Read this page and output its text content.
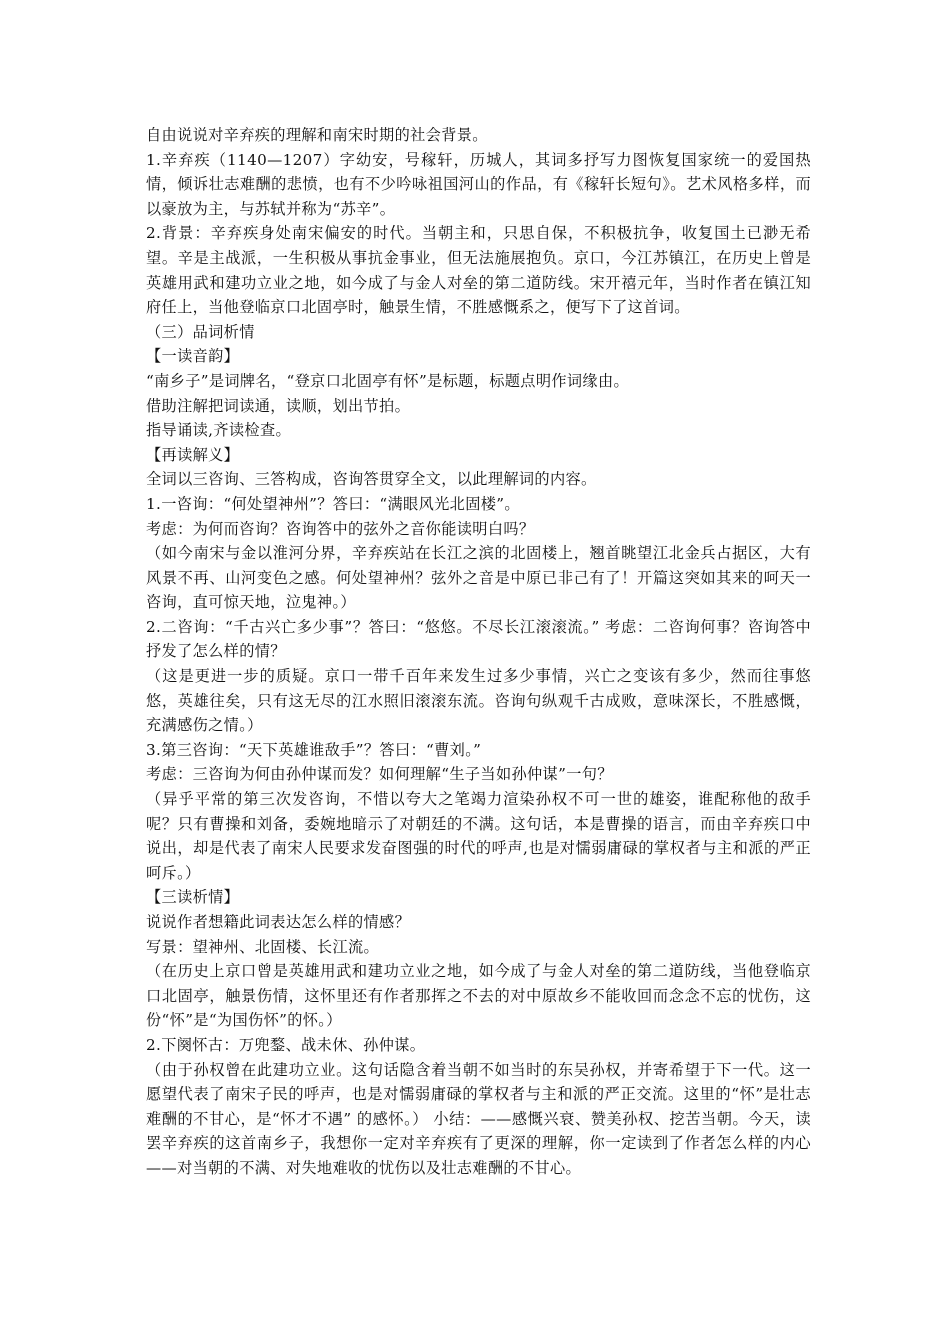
自由说说对辛弃疾的理解和南宋时期的社会背景。

1.辛弃疾（1140—1207）字幼安，号稼轩，历城人，其词多抒写力图恢复国家统一的爱国热情，倾诉壮志难酬的悲愤，也有不少吟咏祖国河山的作品，有《稼轩长短句》。艺术风格多样，而以豪放为主，与苏轼并称为“苏辛”。

2.背景：辛弃疾身处南宋偏安的时代。当朝主和，只思自保，不积极抗争，收复国土已渺无希望。辛是主战派，一生积极从事抗金事业，但无法施展抱负。京口，今江苏镇江，在历史上曾是英雄用武和建功立业之地，如今成了与金人对垒的第二道防线。宋开禧元年，当时作者在镇江知府任上，当他登临京口北固亭时，触景生情，不胜感慨系之，便写下了这首词。

（三）品词析情

【一读音韵】

“南乡子”是词牌名，“登京口北固亭有怀”是标题，标题点明作词缘由。

借助注解把词读通，读顺，划出节拍。

指导诵读,齐读检查。

【再读解义】

全词以三咨询、三答构成，咨询答贯穿全文，以此理解词的内容。

1.一咨询：“何处望神州”？答曰：“满眼风光北固楼”。

考虑：为何而咨询？咨询答中的弦外之音你能读明白吗？

（如今南宋与金以淮河分界，辛弃疾站在长江之滨的北固楼上，翘首眺望江北金兵占据区，大有风景不再、山河变色之感。何处望神州？弦外之音是中原已非己有了！开篇这突如其来的呵天一咨询，直可惊天地，泣鬼神。）

2.二咨询：“千古兴亡多少事”？答曰：“悠悠。不尽长江滚滚流。” 考虑：二咨询何事？咨询答中抒发了怎么样的情？

（这是更进一步的质疑。京口一带千百年来发生过多少事情，兴亡之变该有多少，然而往事悠悠，英雄往矣，只有这无尽的江水照旧滚滚东流。咨询句纵观千古成败，意味深长，不胜感慨，充满感伤之情。）

3.第三咨询：“天下英雄谁敌手”？答曰：“曹刘。”

考虑：三咨询为何由孙仲谋而发？如何理解“生子当如孙仲谋”一句？

（异乎平常的第三次发咨询，不惜以夸大之笔竭力渲染孙权不可一世的雄姿，谁配称他的敌手呢？只有曹操和刘备，委婉地暗示了对朝廷的不满。这句话，本是曹操的语言，而由辛弃疾口中说出，却是代表了南宋人民要求发奋图强的时代的呼声,也是对懦弱庸碌的掌权者与主和派的严正呵斥。）

【三读析情】

说说作者想籍此词表达怎么样的情感？

写景：望神州、北固楼、长江流。

（在历史上京口曾是英雄用武和建功立业之地，如今成了与金人对垒的第二道防线，当他登临京口北固亭，触景伤情，这怀里还有作者那挥之不去的对中原故乡不能收回而念念不忘的忧伤，这份“怀”是“为国伤怀”的怀。）

2.下阕怀古：万兜鍪、战未休、孙仲谋。

（由于孙权曾在此建功立业。这句话隐含着当朝不如当时的东吴孙权，并寄希望于下一代。这一愿望代表了南宋子民的呼声，也是对懦弱庸碌的掌权者与主和派的严正交流。这里的“怀”是壮志难酬的不甘心，是“怀才不遇” 的感怀。） 小结：——感慨兴衰、赞美孙权、挖苦当朝。今天，读罢辛弃疾的这首南乡子，我想你一定对辛弃疾有了更深的理解，你一定读到了作者怎么样的内心——对当朝的不满、对失地难收的忧伤以及壮志难酬的不甘心。
